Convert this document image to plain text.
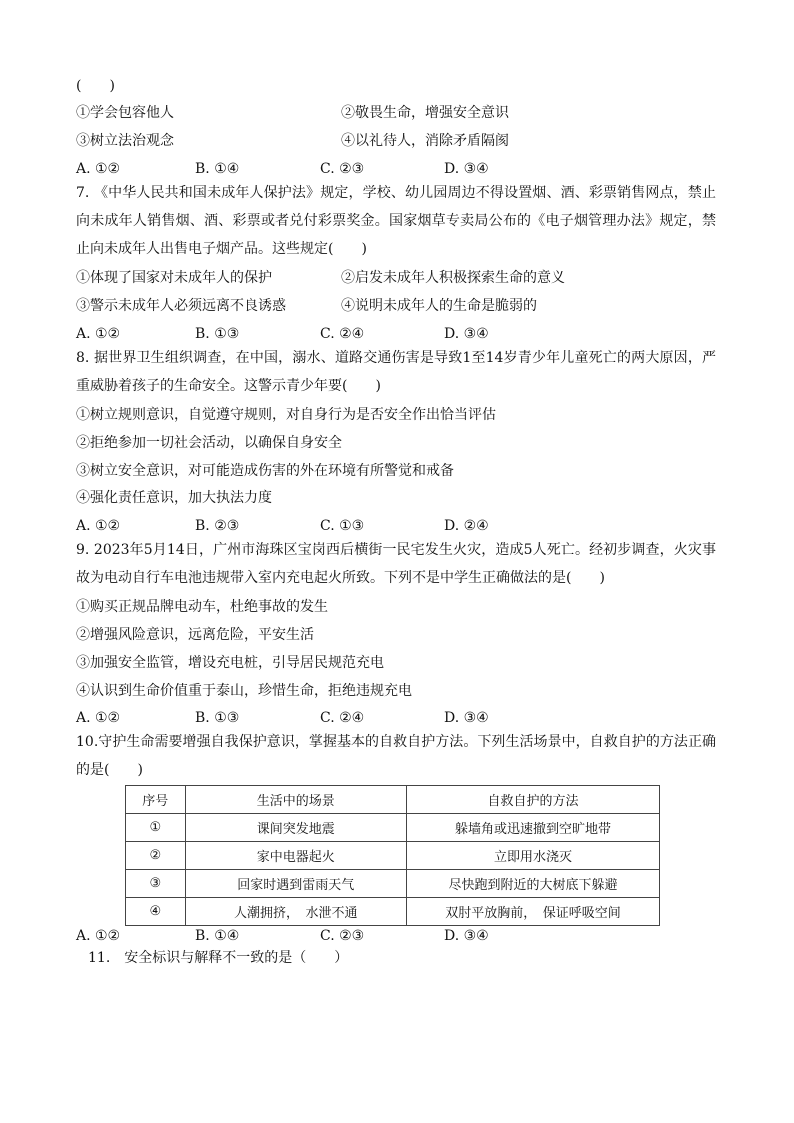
(　　)
①学会包容他人	②敬畏生命，增强安全意识
③树立法治观念	④以礼待人，消除矛盾隔阂
A. ①②	B. ①④	C. ②③	D. ③④
7. 《中华人民共和国未成年人保护法》规定，学校、幼儿园周边不得设置烟、酒、彩票销售网点，禁止向未成年人销售烟、酒、彩票或者兑付彩票奖金。国家烟草专卖局公布的《电子烟管理办法》规定，禁止向未成年人出售电子烟产品。这些规定(　　)
①体现了国家对未成年人的保护	②启发未成年人积极探索生命的意义
③警示未成年人必须远离不良诱惑	④说明未成年人的生命是脆弱的
A. ①②	B. ①③	C. ②④	D. ③④
8. 据世界卫生组织调查，在中国，溺水、道路交通伤害是导致1至14岁青少年儿童死亡的两大原因，严重威胁着孩子的生命安全。这警示青少年要(　　)
①树立规则意识，自觉遵守规则，对自身行为是否安全作出恰当评估
②拒绝参加一切社会活动，以确保自身安全
③树立安全意识，对可能造成伤害的外在环境有所警觉和戒备
④强化责任意识，加大执法力度
A. ①②	B. ②③	C. ①③	D. ②④
9. 2023年5月14日，广州市海珠区宝岗西后横街一民宅发生火灾，造成5人死亡。经初步调查，火灾事故为电动自行车电池违规带入室内充电起火所致。下列不是中学生正确做法的是(　　)
①购买正规品牌电动车，杜绝事故的发生
②增强风险意识，远离危险，平安生活
③加强安全监管，增设充电桩，引导居民规范充电
④认识到生命价值重于泰山，珍惜生命，拒绝违规充电
A. ①②	B. ①③	C. ②④	D. ③④
10.守护生命需要增强自我保护意识，掌握基本的自救自护方法。下列生活场景中，自救自护的方法正确的是(　　)
序号	生活中的场景	自救自护的方法
①	课间突发地震	躲墙角或迅速撤到空旷地带
②	家中电器起火	立即用水浇灭
③	回家时遇到雷雨天气	尽快跑到附近的大树底下躲避
④	人潮拥挤，　水泄不通	双肘平放胸前，　保证呼吸空间
A. ①②	B. ①④	C. ②③	D. ③④
11.　安全标识与解释不一致的是（　　）
